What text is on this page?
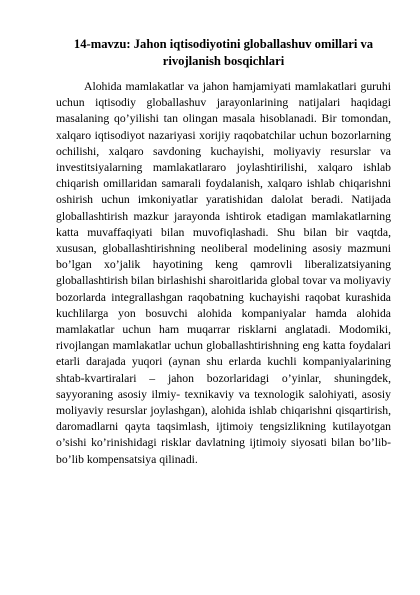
14-mavzu: Jahon iqtisodiyotini globallashuv omillari va rivojlanish bosqichlari

Alohida mamlakatlar va jahon hamjamiyati mamlakatlari guruhi uchun iqtisodiy globallashuv jarayonlarining natijalari haqidagi masalaning qo’yilishi tan olingan masala hisoblanadi. Bir tomondan, xalqaro iqtisodiyot nazariyasi xorijiy raqobatchilar uchun bozorlarning ochilishi, xalqaro savdoning kuchayishi, moliyaviy resurslar va investitsiyalarning mamlakatlararo joylashtirilishi, xalqaro ishlab chiqarish omillaridan samarali foydalanish, xalqaro ishlab chiqarishni oshirish uchun imkoniyatlar yaratishidan dalolat beradi. Natijada globallashtirish mazkur jarayonda ishtirok etadigan mamlakatlarning katta muvaffaqiyati bilan muvofiqlashadi. Shu bilan bir vaqtda, xususan, globallashtirishning neoliberal modelining asosiy mazmuni bo’lgan xo’jalik hayotining keng qamrovli liberalizatsiyaning globallashtirish bilan birlashishi sharoitlarida global tovar va moliyaviy bozorlarda integrallashgan raqobatning kuchayishi raqobat kurashida kuchlilarga yon bosuvchi alohida kompaniyalar hamda alohida mamlakatlar uchun ham muqarrar risklarni anglatadi. Modomiki, rivojlangan mamlakatlar uchun globallashtirishning eng katta foydalari etarli darajada yuqori (aynan shu erlarda kuchli kompaniyalarining shtab-kvartiralari – jahon bozorlaridagi o’yinlar, shuningdek, sayyoraning asosiy ilmiy- texnikaviy va texnologik salohiyati, asosiy moliyaviy resurslar joylashgan), alohida ishlab chiqarishni qisqartirish, daromadlarni qayta taqsimlash, ijtimoiy tengsizlikning kutilayotgan o’sishi ko’rinishidagi risklar davlatning ijtimoiy siyosati bilan bo’lib-bo’lib kompensatsiya qilinadi.
